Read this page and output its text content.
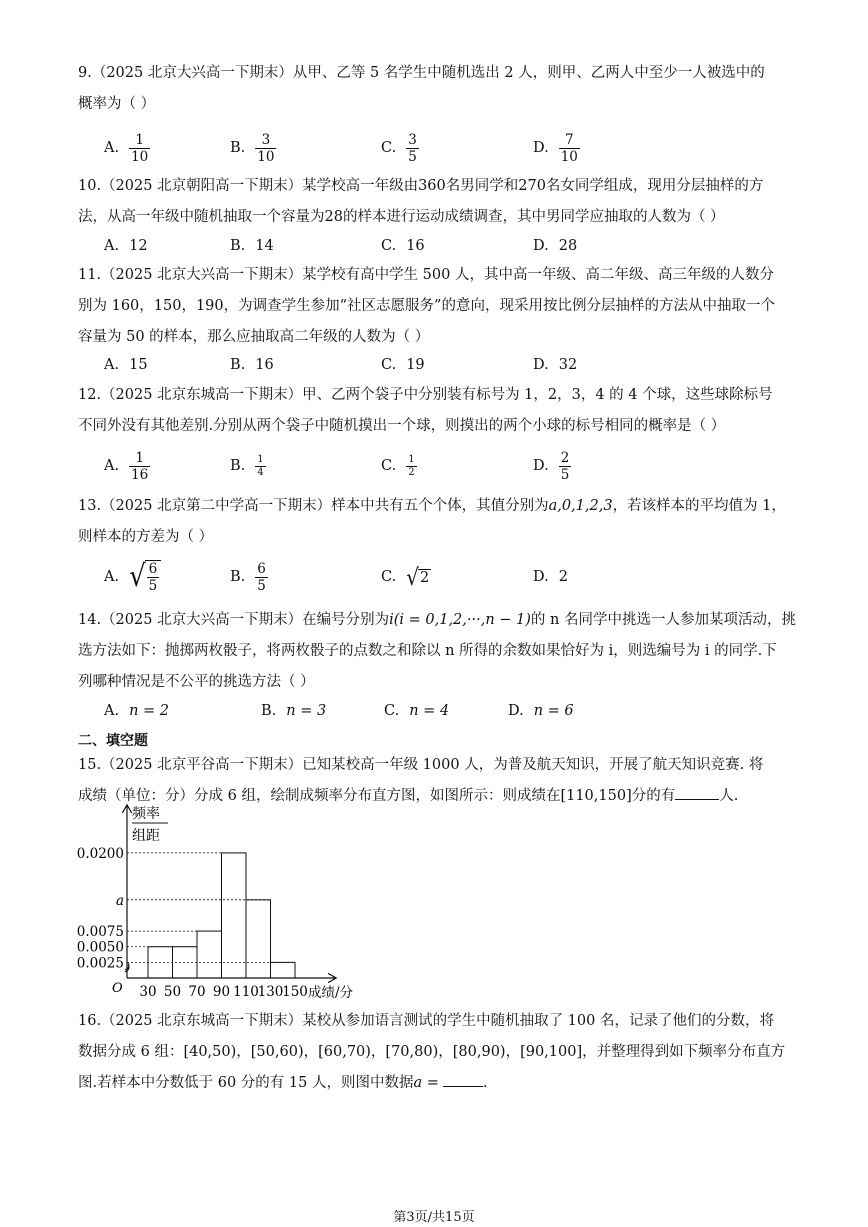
9.（2025 北京大兴高一下期末）从甲、乙等 5 名学生中随机选出 2 人，则甲、乙两人中至少一人被选中的
概率为（ ）
A. $\frac{1}{10}$	B. $\frac{3}{10}$	C. $\frac{3}{5}$	D. $\frac{7}{10}$
10.（2025 北京朝阳高一下期末）某学校高一年级由360名男同学和270名女同学组成，现用分层抽样的方
法，从高一年级中随机抽取一个容量为28的样本进行运动成绩调查，其中男同学应抽取的人数为（ ）
A. 12	B. 14	C. 16	D. 28
11.（2025 北京大兴高一下期末）某学校有高中学生 500 人，其中高一年级、高二年级、高三年级的人数分
别为 160，150，190，为调查学生参加“社区志愿服务”的意向，现采用按比例分层抽样的方法从中抽取一个
容量为 50 的样本，那么应抽取高二年级的人数为（ ）
A. 15	B. 16	C. 19	D. 32
12.（2025 北京东城高一下期末）甲、乙两个袋子中分别装有标号为 1，2，3，4 的 4 个球，这些球除标号
不同外没有其他差别.分别从两个袋子中随机摸出一个球，则摸出的两个小球的标号相同的概率是（ ）
A. $\frac{1}{16}$	B. $\frac{1}{4}$	C. $\frac{1}{2}$	D. $\frac{2}{5}$
13.（2025 北京第二中学高一下期末）样本中共有五个个体，其值分别为a,0,1,2,3，若该样本的平均值为 1，
则样本的方差为（ ）
A. √ $\frac{6}{5}$	B. $\frac{6}{5}$	C. √ 2	D. 2
14.（2025 北京大兴高一下期末）在编号分别为i(i = 0,1,2,···,n − 1)的 n 名同学中挑选一人参加某项活动，挑
选方法如下：抛掷两枚骰子，将两枚骰子的点数之和除以 n 所得的余数如果恰好为 i，则选编号为 i 的同学.下
列哪种情况是不公平的挑选方法（ ）
A. n = 2	B. n = 3	C. n = 4	D. n = 6
二、填空题
15.（2025 北京平谷高一下期末）已知某校高一年级 1000 人，为普及航天知识，开展了航天知识竞赛. 将
成绩（单位：分）分成 6 组，绘制成频率分布直方图，如图所示：则成绩在[110,150]分的有	人.
频率
组距
O	成绩/分
0.0025
0.0050
0.0075
a
0.0200
30 50 70 90 110
130
150
16.（2025 北京东城高一下期末）某校从参加语言测试的学生中随机抽取了 100 名，记录了他们的分数，将
数据分成 6 组：[40,50)，[50,60)，[60,70)，[70,80)，[80,90)，[90,100]，并整理得到如下频率分布直方
图.若样本中分数低于 60 分的有 15 人，则图中数据a =	.
第3页/共15页
